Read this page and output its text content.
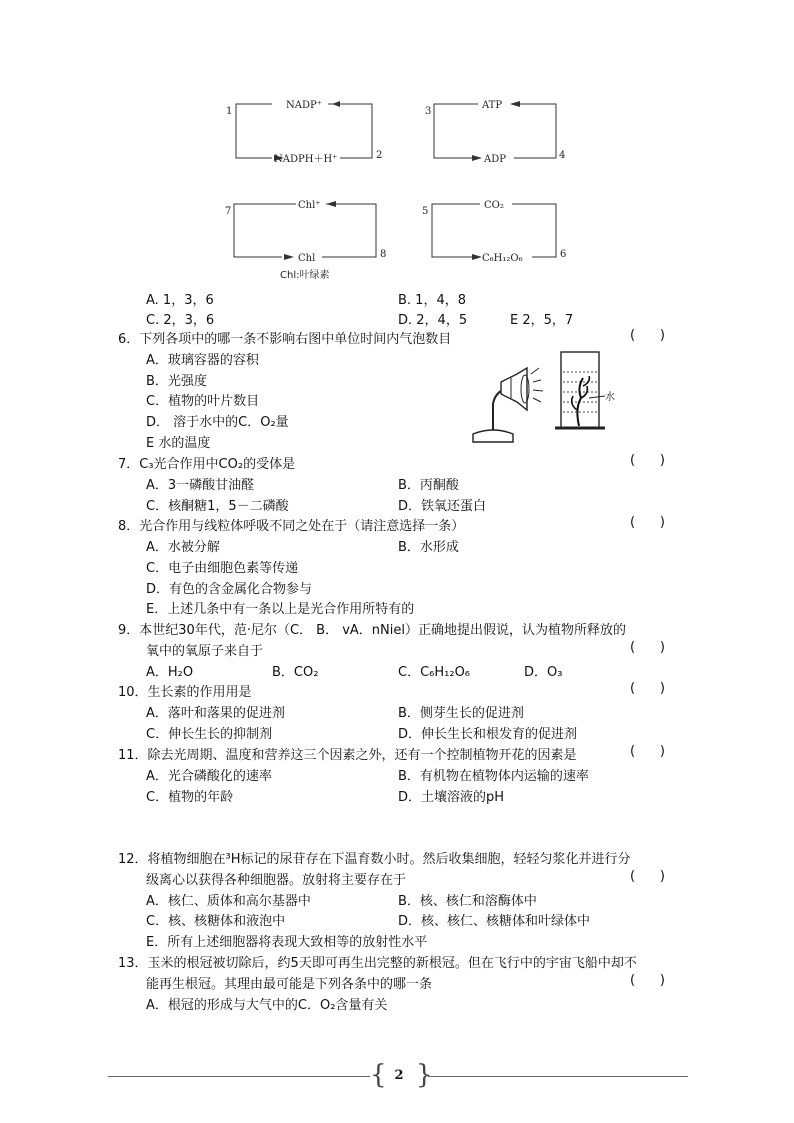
NADP⁺
NADPH＋H⁺
1
2
ATP
ADP
3
4
Chl⁺
Chl
7
8
Chl:叶绿素
CO₂
C₆H₁₂O₆
5
6
A. 1，3，6	B. 1，4，8
C. 2，3，6	D. 2，4，5	E 2，5，7
6．下列各项中的哪一条不影响右图中单位时间内气泡数目	(      )
A．玻璃容器的容积
B．光强度
C．植物的叶片数目
D． 溶于水中的C．O₂量
E 水的温度
水
7．C₃光合作用中CO₂的受体是	(      )
A．3一磷酸甘油醛	B．丙酮酸
C．核酮糖1，5－二磷酸	D．铁氧还蛋白
8．光合作用与线粒体呼吸不同之处在于（请注意选择一条）	(      )
A．水被分解	B．水形成
C．电子由细胞色素等传递
D．有色的含金属化合物参与
E．上述几条中有一条以上是光合作用所特有的
9．本世纪30年代，范·尼尔（C． B． vA．nNiel）正确地提出假说，认为植物所释放的
氧中的氧原子来自于	(      )
A．H₂O	B．CO₂	C．C₆H₁₂O₆	D．O₃
10．生长素的作用用是	(      )
A．落叶和落果的促进剂	B．侧芽生长的促进剂
C．伸长生长的抑制剂	D．伸长生长和根发育的促进剂
11．除去光周期、温度和营养这三个因素之外，还有一个控制植物开花的因素是	(      )
A．光合磷酸化的速率	B．有机物在植物体内运输的速率
C．植物的年龄	D．土壤溶液的pH
12．将植物细胞在³H标记的尿苷存在下温育数小时。然后收集细胞，轻轻匀浆化并进行分
级离心以获得各种细胞器。放射将主要存在于	(      )
A．核仁、质体和高尔基器中	B．核、核仁和溶酶体中
C．核、核糖体和液泡中	D．核、核仁、核糖体和叶绿体中
E．所有上述细胞器将表现大致相等的放射性水平
13．玉米的根冠被切除后，约5天即可再生出完整的新根冠。但在飞行中的宇宙飞船中却不
能再生根冠。其理由最可能是下列各条中的哪一条	(      )
A．根冠的形成与大气中的C．O₂含量有关
{ }
2
